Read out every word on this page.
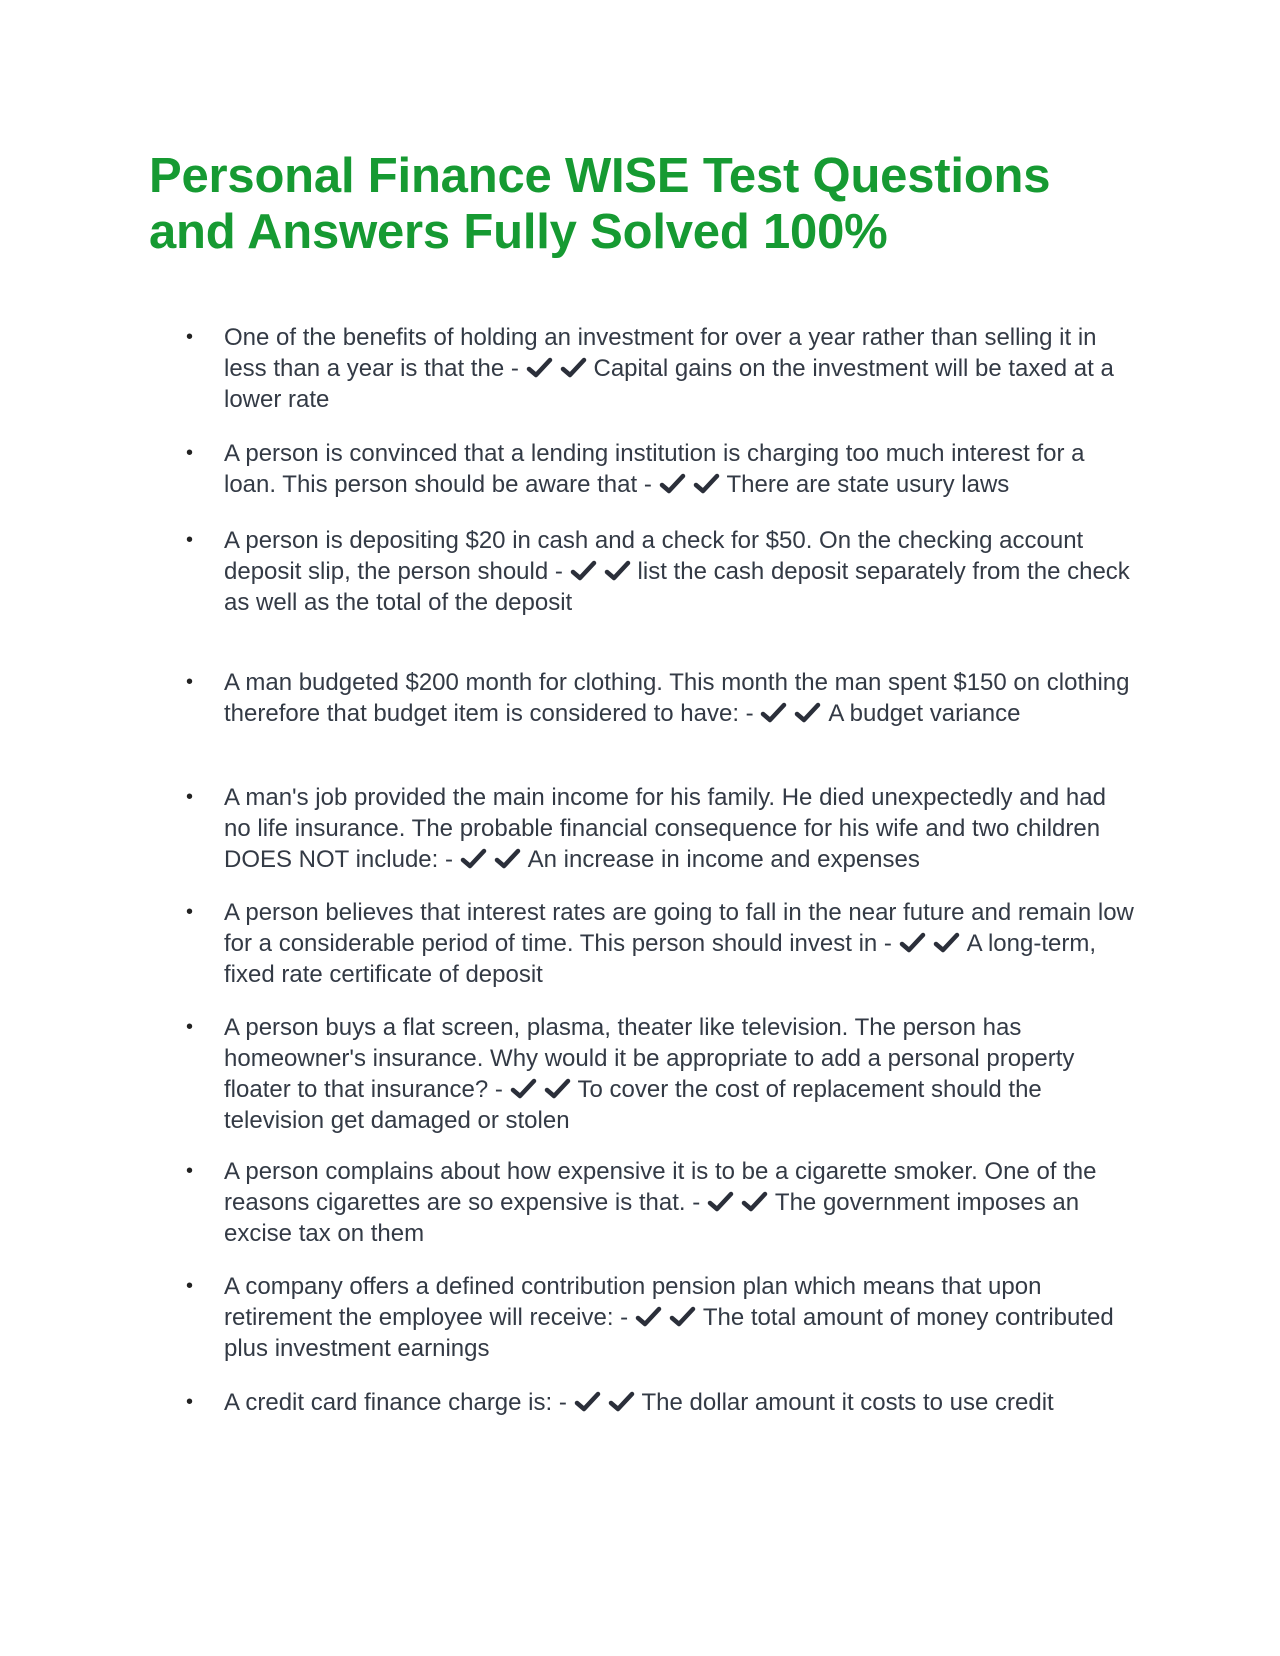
Personal Finance WISE Test Questions and Answers Fully Solved 100%
•	One of the benefits of holding an investment for over a year rather than selling it in less than a year is that the -	Capital gains on the investment will be taxed at a lower rate
•	A person is convinced that a lending institution is charging too much interest for a loan. This person should be aware that -	There are state usury laws
•	A person is depositing $20 in cash and a check for $50. On the checking account deposit slip, the person should -	list the cash deposit separately from the check as well as the total of the deposit
•	A man budgeted $200 month for clothing. This month the man spent $150 on clothing therefore that budget item is considered to have: -	A budget variance
•	A man's job provided the main income for his family. He died unexpectedly and had no life insurance. The probable financial consequence for his wife and two children DOES NOT include: -	An increase in income and expenses
•	A person believes that interest rates are going to fall in the near future and remain low for a considerable period of time. This person should invest in -	A long-term, fixed rate certificate of deposit
•	A person buys a flat screen, plasma, theater like television. The person has homeowner's insurance. Why would it be appropriate to add a personal property floater to that insurance? -	To cover the cost of replacement should the television get damaged or stolen
•	A person complains about how expensive it is to be a cigarette smoker. One of the reasons cigarettes are so expensive is that. -	The government imposes an excise tax on them
•	A company offers a defined contribution pension plan which means that upon retirement the employee will receive: -	The total amount of money contributed plus investment earnings
•	A credit card finance charge is: -	The dollar amount it costs to use credit
